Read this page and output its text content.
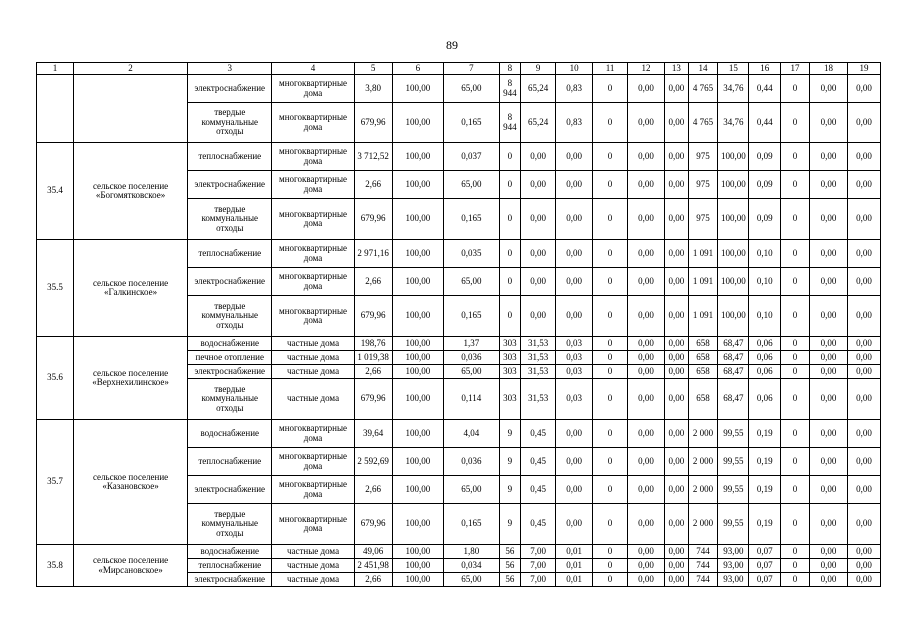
89
1	2	3	4	5	6	7	8	9	10	11	12	13	14	15	16	17	18	19
		электроснабжение	многоквартирные дома	3,80	100,00	65,00	8 944	65,24	0,83	0	0,00	0,00	4 765	34,76	0,44	0	0,00	0,00
		твердые коммунальные отходы	многоквартирные дома	679,96	100,00	0,165	8 944	65,24	0,83	0	0,00	0,00	4 765	34,76	0,44	0	0,00	0,00
35.4	сельское поселение «Богомятковское»	теплоснабжение	многоквартирные дома	3 712,52	100,00	0,037	0	0,00	0,00	0	0,00	0,00	975	100,00	0,09	0	0,00	0,00
		электроснабжение	многоквартирные дома	2,66	100,00	65,00	0	0,00	0,00	0	0,00	0,00	975	100,00	0,09	0	0,00	0,00
		твердые коммунальные отходы	многоквартирные дома	679,96	100,00	0,165	0	0,00	0,00	0	0,00	0,00	975	100,00	0,09	0	0,00	0,00
35.5	сельское поселение «Галкинское»	теплоснабжение	многоквартирные дома	2 971,16	100,00	0,035	0	0,00	0,00	0	0,00	0,00	1 091	100,00	0,10	0	0,00	0,00
		электроснабжение	многоквартирные дома	2,66	100,00	65,00	0	0,00	0,00	0	0,00	0,00	1 091	100,00	0,10	0	0,00	0,00
		твердые коммунальные отходы	многоквартирные дома	679,96	100,00	0,165	0	0,00	0,00	0	0,00	0,00	1 091	100,00	0,10	0	0,00	0,00
35.6	сельское поселение «Верхнехилинское»	водоснабжение	частные дома	198,76	100,00	1,37	303	31,53	0,03	0	0,00	0,00	658	68,47	0,06	0	0,00	0,00
		печное отопление	частные дома	1 019,38	100,00	0,036	303	31,53	0,03	0	0,00	0,00	658	68,47	0,06	0	0,00	0,00
		электроснабжение	частные дома	2,66	100,00	65,00	303	31,53	0,03	0	0,00	0,00	658	68,47	0,06	0	0,00	0,00
		твердые коммунальные отходы	частные дома	679,96	100,00	0,114	303	31,53	0,03	0	0,00	0,00	658	68,47	0,06	0	0,00	0,00
35.7	сельское поселение «Казановское»	водоснабжение	многоквартирные дома	39,64	100,00	4,04	9	0,45	0,00	0	0,00	0,00	2 000	99,55	0,19	0	0,00	0,00
		теплоснабжение	многоквартирные дома	2 592,69	100,00	0,036	9	0,45	0,00	0	0,00	0,00	2 000	99,55	0,19	0	0,00	0,00
		электроснабжение	многоквартирные дома	2,66	100,00	65,00	9	0,45	0,00	0	0,00	0,00	2 000	99,55	0,19	0	0,00	0,00
		твердые коммунальные отходы	многоквартирные дома	679,96	100,00	0,165	9	0,45	0,00	0	0,00	0,00	2 000	99,55	0,19	0	0,00	0,00
35.8	сельское поселение «Мирсановское»	водоснабжение	частные дома	49,06	100,00	1,80	56	7,00	0,01	0	0,00	0,00	744	93,00	0,07	0	0,00	0,00
		теплоснабжение	частные дома	2 451,98	100,00	0,034	56	7,00	0,01	0	0,00	0,00	744	93,00	0,07	0	0,00	0,00
		электроснабжение	частные дома	2,66	100,00	65,00	56	7,00	0,01	0	0,00	0,00	744	93,00	0,07	0	0,00	0,00
